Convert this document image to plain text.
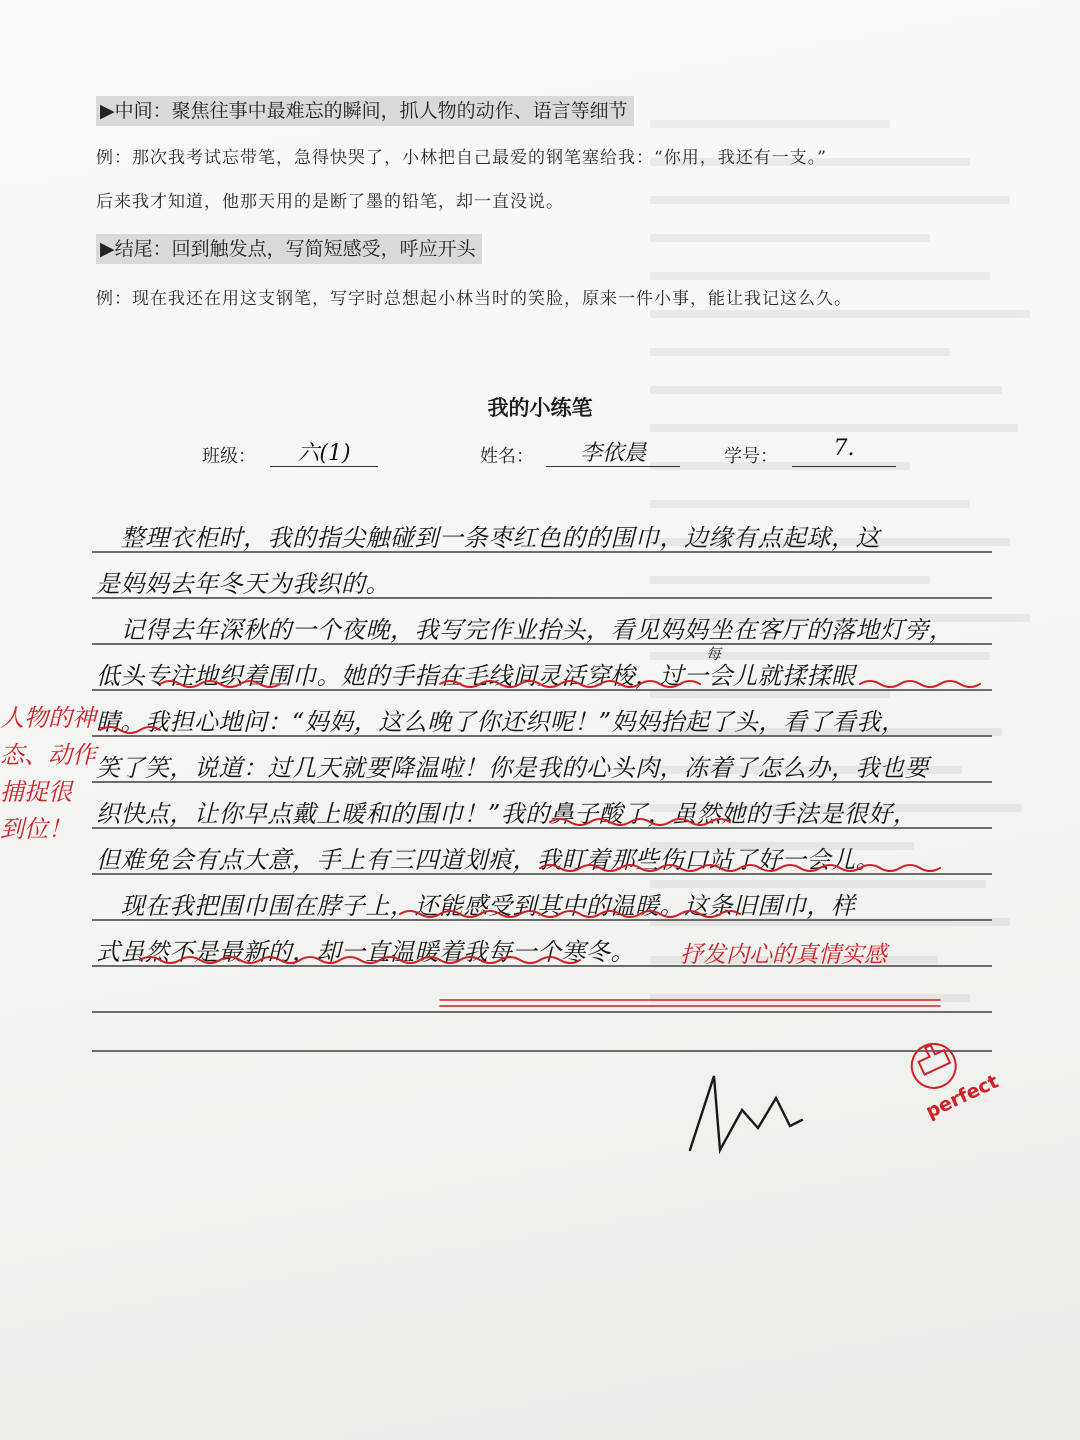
▶中间：聚焦往事中最难忘的瞬间，抓人物的动作、语言等细节
例：那次我考试忘带笔，急得快哭了，小林把自己最爱的钢笔塞给我：“你用，我还有一支。”
后来我才知道，他那天用的是断了墨的铅笔，却一直没说。
▶结尾：回到触发点，写简短感受，呼应开头
例：现在我还在用这支钢笔，写字时总想起小林当时的笑脸，原来一件小事，能让我记这么久。
我的小练笔
班级：	六(1)	姓名：	李依晨	学号：	7.
　整理衣柜时，我的指尖触碰到一条枣红色的的围巾，边缘有点起球，这
是妈妈去年冬天为我织的。
　记得去年深秋的一个夜晚，我写完作业抬头，看见妈妈坐在客厅的落地灯旁，
低头专注地织着围巾。她的手指在毛线间灵活穿梭，过一会儿就揉揉眼
睛。我担心地问：“妈妈，这么晚了你还织呢！”妈妈抬起了头，看了看我，
笑了笑，说道：过几天就要降温啦！你是我的心头肉，冻着了怎么办，我也要
织快点，让你早点戴上暖和的围巾！”我的鼻子酸了，虽然她的手法是很好，
但难免会有点大意，手上有三四道划痕，我盯着那些伤口站了好一会儿。
　现在我把围巾围在脖子上，还能感受到其中的温暖。这条旧围巾，样
式虽然不是最新的，却一直温暖着我每一个寒冬。
每
人物的神
态、动作
捕捉很
到位！
抒发内心的真情实感
perfect
